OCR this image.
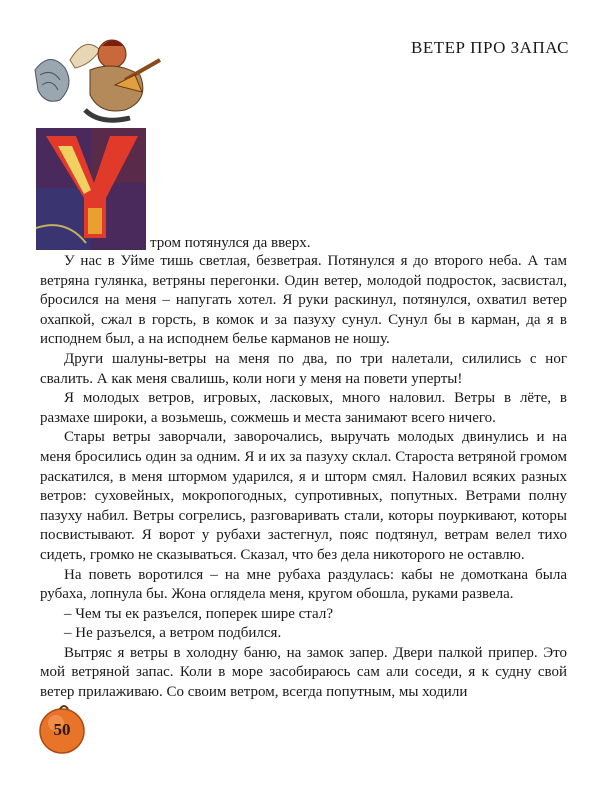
ВЕТЕР ПРО ЗАПАС
тром потянулся да вверх.

У нас в Уйме тишь светлая, безветрая. Потянулся я до второго неба. А там ветряна гулянка, ветряны перегонки. Один ветер, молодой подросток, засвистал, бросился на меня – напугать хотел. Я руки раскинул, потянулся, охватил ветер охапкой, сжал в горсть, в комок и за пазуху сунул. Сунул бы в карман, да я в исподнем был, а на исподнем белье карманов не ношу.

Други шалуны-ветры на меня по два, по три налетали, силились с ног свалить. А как меня свалишь, коли ноги у меня на повети уперты!

Я молодых ветров, игровых, ласковых, много наловил. Ветры в лёте, в размахе широки, а возьмешь, сожмешь и места занимают всего ничего.

Стары ветры заворчали, заворочались, выручать молодых двинулись и на меня бросились один за одним. Я и их за пазуху склал. Староста ветряной громом раскатился, в меня штормом ударился, я и шторм смял. Наловил всяких разных ветров: суховейных, мокропогодных, супротивных, попутных. Ветрами полну пазуху набил. Ветры согрелись, разговаривать стали, которы поуркивают, которы посвистывают. Я ворот у рубахи застегнул, пояс подтянул, ветрам велел тихо сидеть, громко не сказываться. Сказал, что без дела никоторого не оставлю.

На поветь воротился – на мне рубаха раздулась: кабы не домоткана была рубаха, лопнула бы. Жона оглядела меня, кругом обошла, руками развела.

– Чем ты ек разъелся, поперек шире стал?

– Не разъелся, а ветром подбился.

Вытряс я ветры в холодну баню, на замок запер. Двери палкой припер. Это мой ветряной запас. Коли в море засобираюсь сам али соседи, я к судну свой ветер прилаживаю. Со своим ветром, всегда попутным, мы ходили

50
